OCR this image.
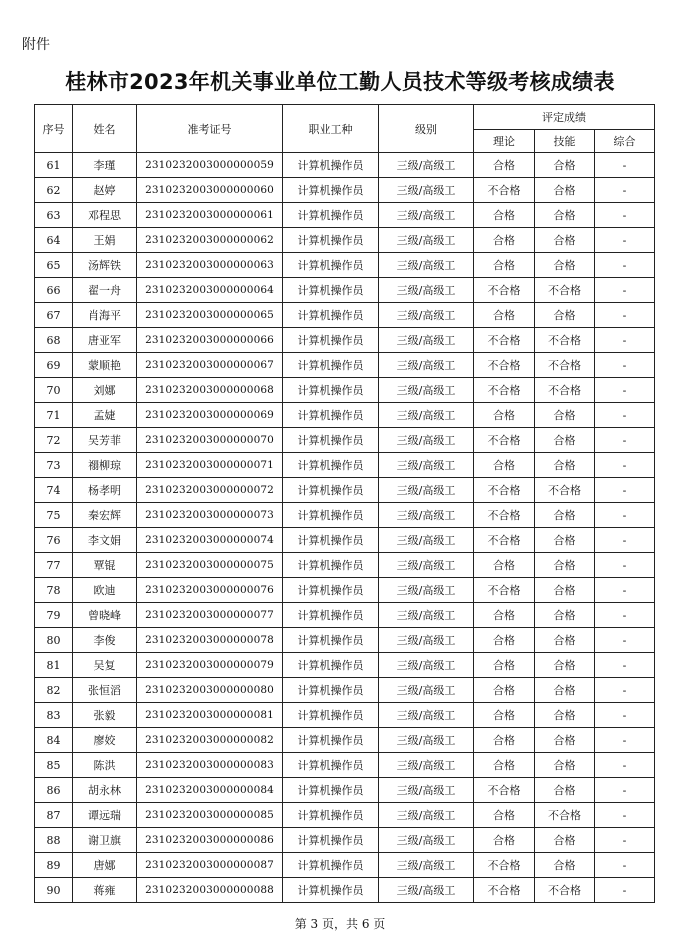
附件
桂林市2023年机关事业单位工勤人员技术等级考核成绩表
序号	姓名	准考证号	职业工种	级别	评定成绩		
					理论	技能	综合
61	李瑾	2310232003000000059	计算机操作员	三级/高级工	合格	合格	-
62	赵婷	2310232003000000060	计算机操作员	三级/高级工	不合格	合格	-
63	邓程思	2310232003000000061	计算机操作员	三级/高级工	合格	合格	-
64	王娟	2310232003000000062	计算机操作员	三级/高级工	合格	合格	-
65	汤辉铁	2310232003000000063	计算机操作员	三级/高级工	合格	合格	-
66	翟一舟	2310232003000000064	计算机操作员	三级/高级工	不合格	不合格	-
67	肖海平	2310232003000000065	计算机操作员	三级/高级工	合格	合格	-
68	唐亚军	2310232003000000066	计算机操作员	三级/高级工	不合格	不合格	-
69	蒙顺艳	2310232003000000067	计算机操作员	三级/高级工	不合格	不合格	-
70	刘娜	2310232003000000068	计算机操作员	三级/高级工	不合格	不合格	-
71	孟婕	2310232003000000069	计算机操作员	三级/高级工	合格	合格	-
72	吴芳菲	2310232003000000070	计算机操作员	三级/高级工	不合格	合格	-
73	禤柳琼	2310232003000000071	计算机操作员	三级/高级工	合格	合格	-
74	杨孝明	2310232003000000072	计算机操作员	三级/高级工	不合格	不合格	-
75	秦宏辉	2310232003000000073	计算机操作员	三级/高级工	不合格	合格	-
76	李文娟	2310232003000000074	计算机操作员	三级/高级工	不合格	合格	-
77	覃锟	2310232003000000075	计算机操作员	三级/高级工	合格	合格	-
78	欧迪	2310232003000000076	计算机操作员	三级/高级工	不合格	合格	-
79	曾晓峰	2310232003000000077	计算机操作员	三级/高级工	合格	合格	-
80	李俊	2310232003000000078	计算机操作员	三级/高级工	合格	合格	-
81	吴复	2310232003000000079	计算机操作员	三级/高级工	合格	合格	-
82	张恒滔	2310232003000000080	计算机操作员	三级/高级工	合格	合格	-
83	张毅	2310232003000000081	计算机操作员	三级/高级工	合格	合格	-
84	廖姣	2310232003000000082	计算机操作员	三级/高级工	合格	合格	-
85	陈洪	2310232003000000083	计算机操作员	三级/高级工	合格	合格	-
86	胡永林	2310232003000000084	计算机操作员	三级/高级工	不合格	合格	-
87	谭远瑞	2310232003000000085	计算机操作员	三级/高级工	合格	不合格	-
88	谢卫旗	2310232003000000086	计算机操作员	三级/高级工	合格	合格	-
89	唐娜	2310232003000000087	计算机操作员	三级/高级工	不合格	合格	-
90	蒋雍	2310232003000000088	计算机操作员	三级/高级工	不合格	不合格	-
第 3 页，共 6 页
